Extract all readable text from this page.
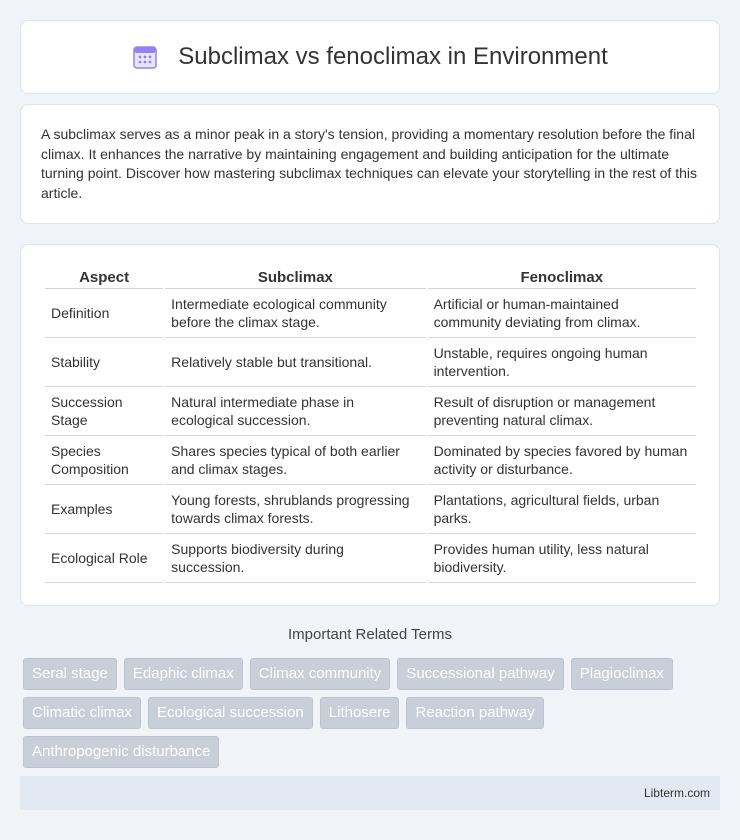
Subclimax vs fenoclimax in Environment

A subclimax serves as a minor peak in a story's tension, providing a momentary resolution before the final climax. It enhances the narrative by maintaining engagement and building anticipation for the ultimate turning point. Discover how mastering subclimax techniques can elevate your storytelling in the rest of this article.

Aspect	Subclimax	Fenoclimax
Definition	Intermediate ecological community before the climax stage.	Artificial or human-maintained community deviating from climax.
Stability	Relatively stable but transitional.	Unstable, requires ongoing human intervention.
Succession Stage	Natural intermediate phase in ecological succession.	Result of disruption or management preventing natural climax.
Species Composition	Shares species typical of both earlier and climax stages.	Dominated by species favored by human activity or disturbance.
Examples	Young forests, shrublands progressing towards climax forests.	Plantations, agricultural fields, urban parks.
Ecological Role	Supports biodiversity during succession.	Provides human utility, less natural biodiversity.
Important Related Terms
Seral stage	Edaphic climax	Climax community	Successional pathway	Plagioclimax
Climatic climax	Ecological succession	Lithosere	Reaction pathway
Anthropogenic disturbance
Libterm.com
